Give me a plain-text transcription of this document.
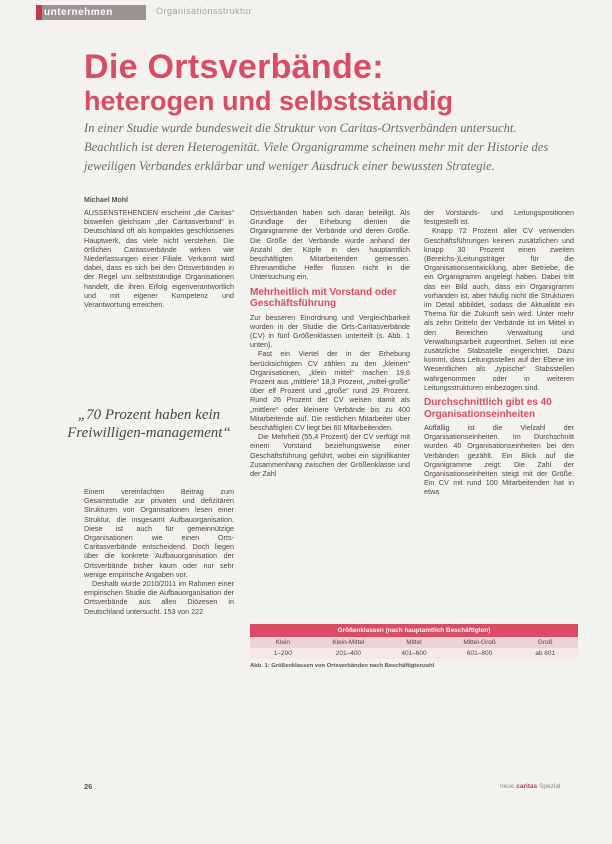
unternehmen	Organisationsstruktur
Die Ortsverbände:
heterogen und selbstständig
In einer Studie wurde bundesweit die Struktur von Caritas-Ortsverbänden untersucht. Beachtlich ist deren Heterogenität. Viele Organigramme scheinen mehr mit der Historie des jeweiligen Verbandes erklärbar und weniger Ausdruck einer bewussten Strategie.
Michael Mohl

AUSSENSTEHENDEN erscheint „die Caritas“ bisweilen gleichsam „der Caritasverband“ in Deutschland oft als kompaktes geschlossenes Hauptwerk, das viele nicht verstehen. Die örtlichen Caritasverbände wirken wie Niederlassungen einer Filiale. Verkannt wird dabei, dass es sich bei den Ortsverbänden in der Regel um selbstständige Organisationen handelt, die ihren Erfolg eigenverantwortlich und mit eigener Kompetenz und Verantwortung erreichen.

„70 Prozent haben kein Freiwilligen-management“

Einem vereinfachten Beitrag zum Gesamtstudie zur privaten und defizitären Strukturen von Organisationen lesen einer Struktur, die insgesamt Aufbauorganisation. Diese ist auch für gemeinnützige Organisationen wie einen Orts-Caritasverbände entscheidend. Doch liegen über die konkrete Aufbauorganisation der Ortsverbände bisher kaum oder nur sehr wenige empirische Angaben vor.

Deshalb wurde 2010/2011 im Rahmen einer empirischen Studie die Aufbauorganisation der Ortsverbände aus allen Diözesen in Deutschland untersucht. 153 von 222

Ortsverbänden haben sich daran beteiligt. Als Grundlage der Erhebung dienten die Organigramme der Verbände und deren Größe. Die Größe der Verbände wurde anhand der Anzahl der Köpfe in den hauptamtlich beschäftigten Mitarbeitenden gemessen. Ehrenamtliche Helfer flossen nicht in die Untersuchung ein.

Mehrheitlich mit Vorstand oder Geschäftsführung

Zur besseren Einordnung und Vergleichbarkeit wurden in der Studie die Orts-Caritasverbände (CV) in fünf Größenklassen unterteilt (s. Abb. 1 unten).

Fast ein Viertel der in der Erhebung berücksichtigten CV zählen zu den „kleinen“ Organisationen, „klein mittel“ machen 19,6 Prozent aus „mittlere“ 18,3 Prozent, „mittel-große“ über elf Prozent und „große“ rund 29 Prozent. Rund 26 Prozent der CV weisen damit als „mittlere“ oder kleinere Verbände bis zu 400 Mitarbeitende auf. Die restlichen Mitarbeiter über beschäftigten CV liegt bei 60 Mitarbeitenden.

Die Mehrheit (55,4 Prozent) der CV verfügt mit einem Vorstand beziehungsweise einer Geschäftsführung geführt, wobei ein signifikanter Zusammenhang zwischen der Größenklasse und der Zahl

der Vorstands- und Leitungspositionen festgestellt ist.

Knapp 72 Prozent aller CV verwenden Geschäftsführungen keinen zusätzlichen und knapp 30 Prozent einen zweiten (Bereichs-)Leitungsträger für die Organisationsentwicklung, aber Betriebe, die ein Organigramm angelegt haben. Dabei tritt das ein Bild auch, dass ein Organigramm vorhanden ist, aber häufig nicht die Strukturen im Detail abbildet, sodass die Aktualität ein Thema für die Zukunft sein wird. Unter mehr als zehn Dritteln der Verbände ist im Mittel in den Bereichen Verwaltung und Verwaltungsarbeit zugeordnet. Selten ist eine zusätzliche Stabsstelle eingerichtet. Dazu kommt, dass Leitungsstellen auf der Ebene im Wesentlichen als „typische“ Stabsstellen wahrgenommen oder in weiteren Leitungsstrukturen einbezogen sind.

Durchschnittlich gibt es 40 Organisationseinheiten

Auffällig ist die Vielzahl der Organisationseinheiten. Im Durchschnitt wurden 40 Organisationseinheiten bei den Verbänden gezählt. Ein Blick auf die Organigramme zeigt: Die Zahl der Organisationseinheiten steigt mit der Größe. Ein CV mit rund 100 Mitarbeitenden hat in etwa

Größenklassen (nach hauptamtlich Beschäftigten)
Klein	Klein-Mittel	Mittel	Mittel-Groß	Groß
1–200	201–400	401–600	601–800	ab 801
Abb. 1: Größenklassen von Ortsverbänden nach Beschäftigtenzahl
26	neue caritas Spezial
